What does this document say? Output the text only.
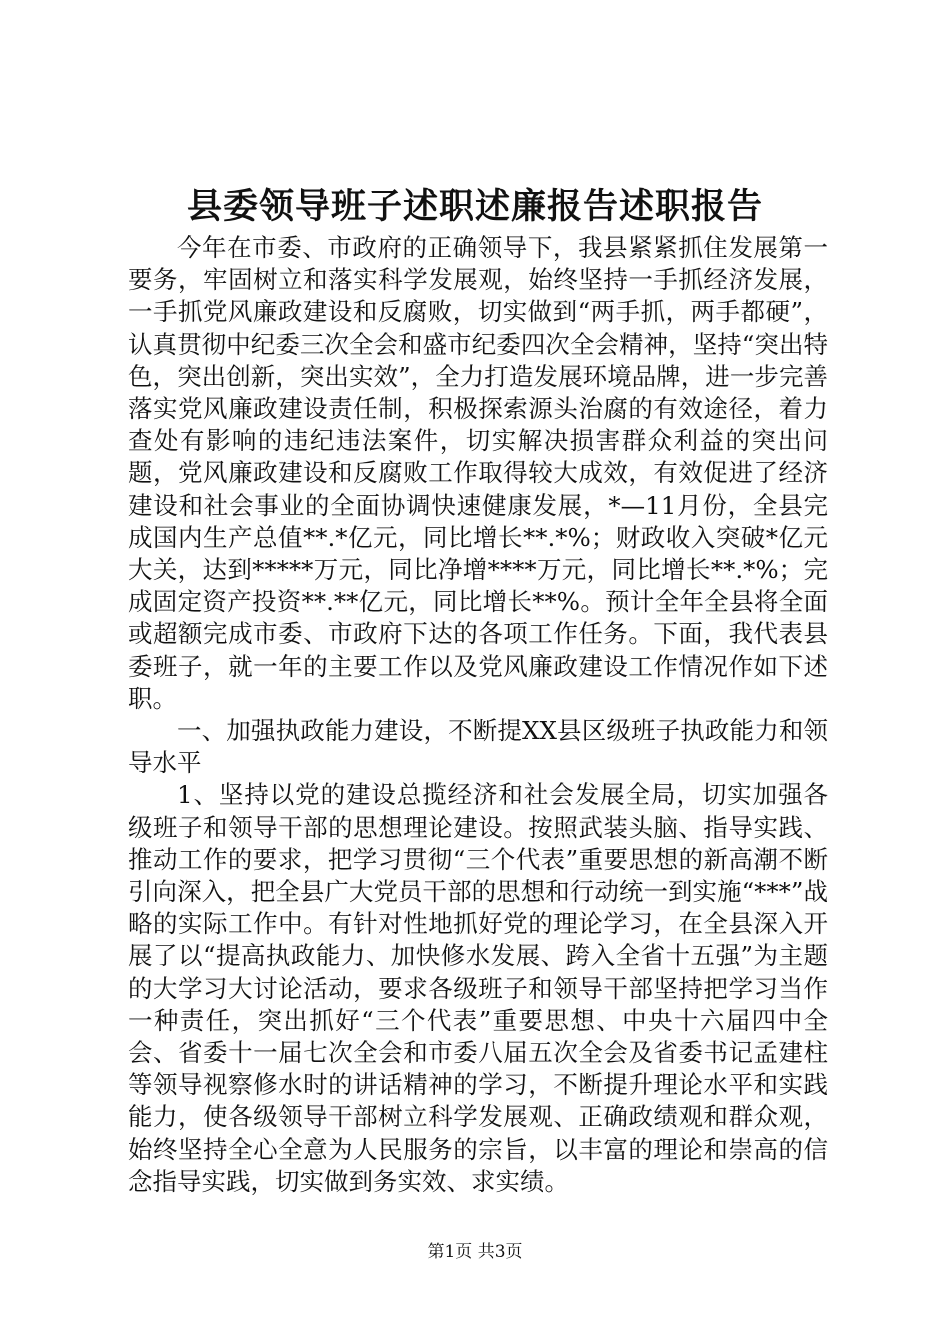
县委领导班子述职述廉报告述职报告

今年在市委、市政府的正确领导下，我县紧紧抓住发展第一要务，牢固树立和落实科学发展观，始终坚持一手抓经济发展，一手抓党风廉政建设和反腐败，切实做到“两手抓，两手都硬”，认真贯彻中纪委三次全会和盛市纪委四次全会精神，坚持“突出特色，突出创新，突出实效”，全力打造发展环境品牌，进一步完善落实党风廉政建设责任制，积极探索源头治腐的有效途径，着力查处有影响的违纪违法案件，切实解决损害群众利益的突出问题，党风廉政建设和反腐败工作取得较大成效，有效促进了经济建设和社会事业的全面协调快速健康发展，*—11月份，全县完成国内生产总值**.*亿元，同比增长**.*%；财政收入突破*亿元大关，达到*****万元，同比净增****万元，同比增长**.*%；完成固定资产投资**.**亿元，同比增长**%。预计全年全县将全面或超额完成市委、市政府下达的各项工作任务。下面，我代表县委班子，就一年的主要工作以及党风廉政建设工作情况作如下述职。

一、加强执政能力建设，不断提XX县区级班子执政能力和领导水平

1、坚持以党的建设总揽经济和社会发展全局，切实加强各级班子和领导干部的思想理论建设。按照武装头脑、指导实践、推动工作的要求，把学习贯彻“三个代表”重要思想的新高潮不断引向深入，把全县广大党员干部的思想和行动统一到实施“***”战略的实际工作中。有针对性地抓好党的理论学习，在全县深入开展了以“提高执政能力、加快修水发展、跨入全省十五强”为主题的大学习大讨论活动，要求各级班子和领导干部坚持把学习当作一种责任，突出抓好“三个代表”重要思想、中央十六届四中全会、省委十一届七次全会和市委八届五次全会及省委书记孟建柱等领导视察修水时的讲话精神的学习，不断提升理论水平和实践能力，使各级领导干部树立科学发展观、正确政绩观和群众观，始终坚持全心全意为人民服务的宗旨，以丰富的理论和崇高的信念指导实践，切实做到务实效、求实绩。

第1页 共3页
